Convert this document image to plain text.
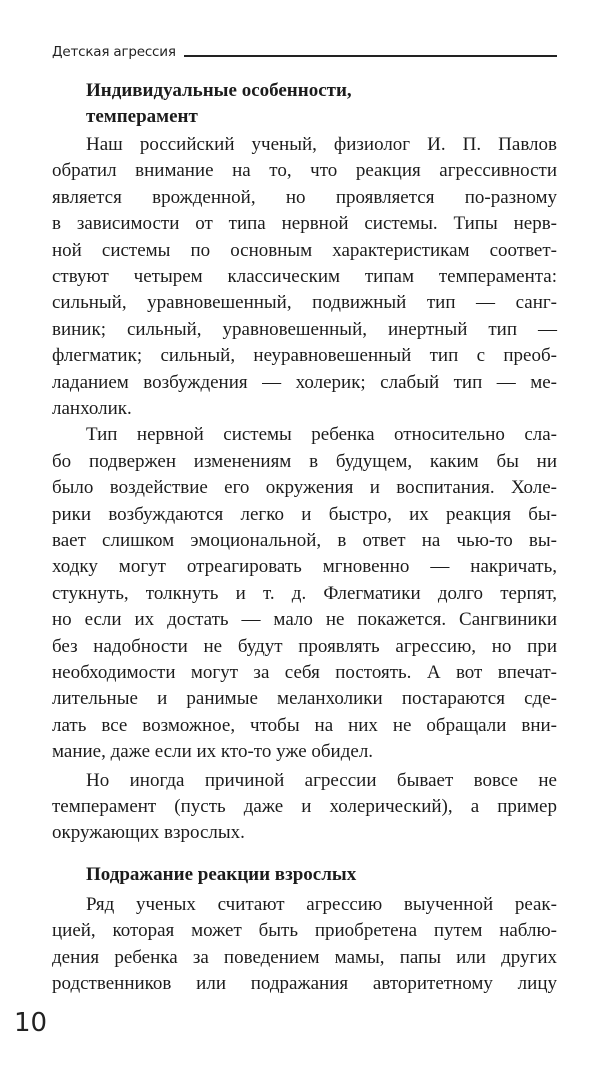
Детская агрессия
Индивидуальные особенности,
темперамент
Наш российский ученый, физиолог И. П. Павлов
обратил внимание на то, что реакция агрессивности
является врожденной, но проявляется по-разному
в зависимости от типа нервной системы. Типы нерв-
ной системы по основным характеристикам соответ-
ствуют четырем классическим типам темперамента:
сильный, уравновешенный, подвижный тип — санг-
виник; сильный, уравновешенный, инертный тип —
флегматик; сильный, неуравновешенный тип с преоб-
ладанием возбуждения — холерик; слабый тип — ме-
ланхолик.
Тип нервной системы ребенка относительно сла-
бо подвержен изменениям в будущем, каким бы ни
было воздействие его окружения и воспитания. Холе-
рики возбуждаются легко и быстро, их реакция бы-
вает слишком эмоциональной, в ответ на чью-то вы-
ходку могут отреагировать мгновенно — накричать,
стукнуть, толкнуть и т. д. Флегматики долго терпят,
но если их достать — мало не покажется. Сангвиники
без надобности не будут проявлять агрессию, но при
необходимости могут за себя постоять. А вот впечат-
лительные и ранимые меланхолики постараются сде-
лать все возможное, чтобы на них не обращали вни-
мание, даже если их кто-то уже обидел.
Но иногда причиной агрессии бывает вовсе не
темперамент (пусть даже и холерический), а пример
окружающих взрослых.
Подражание реакции взрослых
Ряд ученых считают агрессию выученной реак-
цией, которая может быть приобретена путем наблю-
дения ребенка за поведением мамы, папы или других
родственников или подражания авторитетному лицу
10
